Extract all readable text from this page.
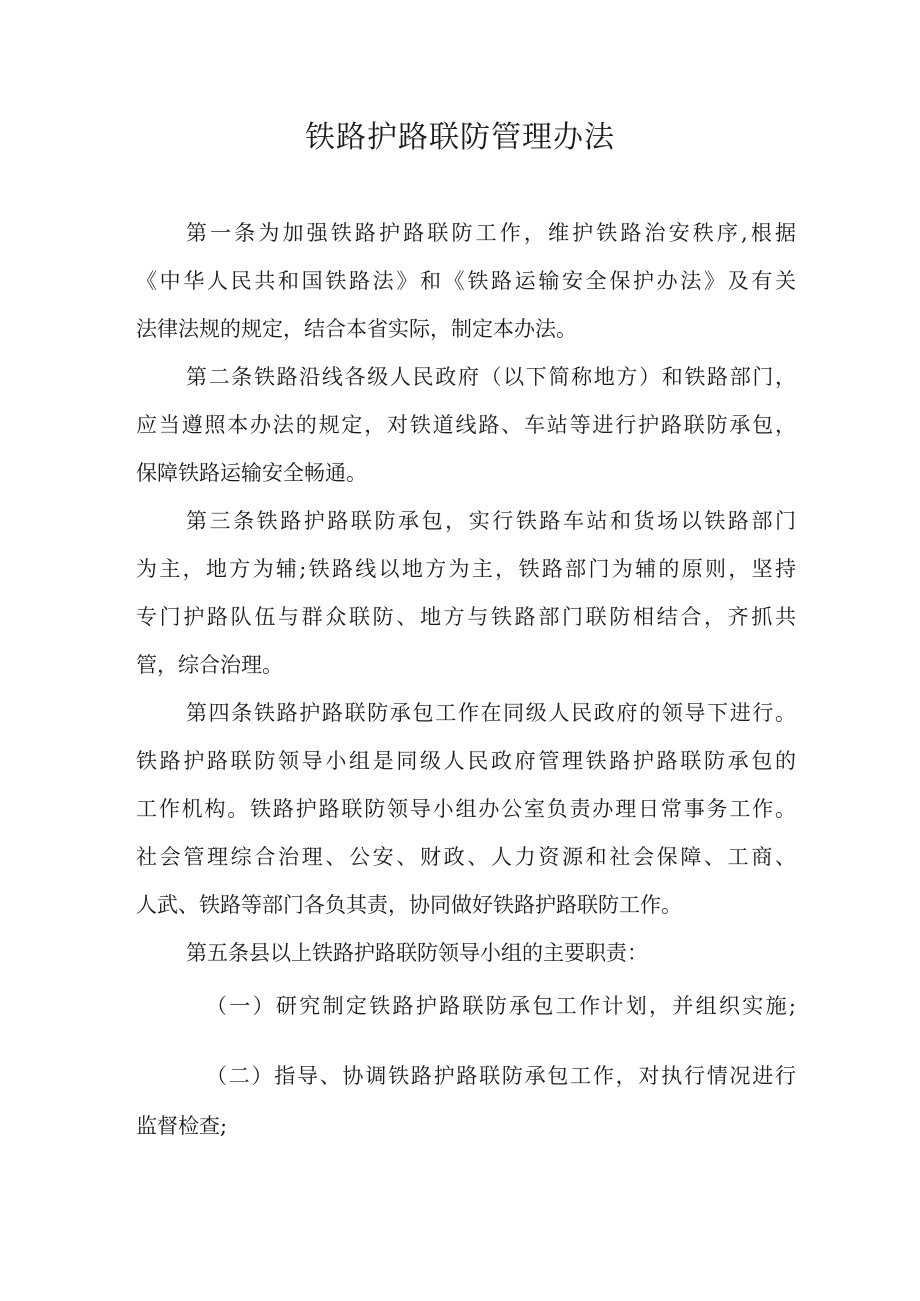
铁路护路联防管理办法
第一条为加强铁路护路联防工作，维护铁路治安秩序,根据
《中华人民共和国铁路法》和《铁路运输安全保护办法》及有关
法律法规的规定，结合本省实际，制定本办法。
第二条铁路沿线各级人民政府（以下简称地方）和铁路部门，
应当遵照本办法的规定，对铁道线路、车站等进行护路联防承包，
保障铁路运输安全畅通。
第三条铁路护路联防承包，实行铁路车站和货场以铁路部门
为主，地方为辅;铁路线以地方为主，铁路部门为辅的原则，坚持
专门护路队伍与群众联防、地方与铁路部门联防相结合，齐抓共
管，综合治理。
第四条铁路护路联防承包工作在同级人民政府的领导下进行。
铁路护路联防领导小组是同级人民政府管理铁路护路联防承包的
工作机构。铁路护路联防领导小组办公室负责办理日常事务工作。
社会管理综合治理、公安、财政、人力资源和社会保障、工商、
人武、铁路等部门各负其责，协同做好铁路护路联防工作。
第五条县以上铁路护路联防领导小组的主要职责：
（一）研究制定铁路护路联防承包工作计划，并组织实施;
（二）指导、协调铁路护路联防承包工作，对执行情况进行
监督检查;
